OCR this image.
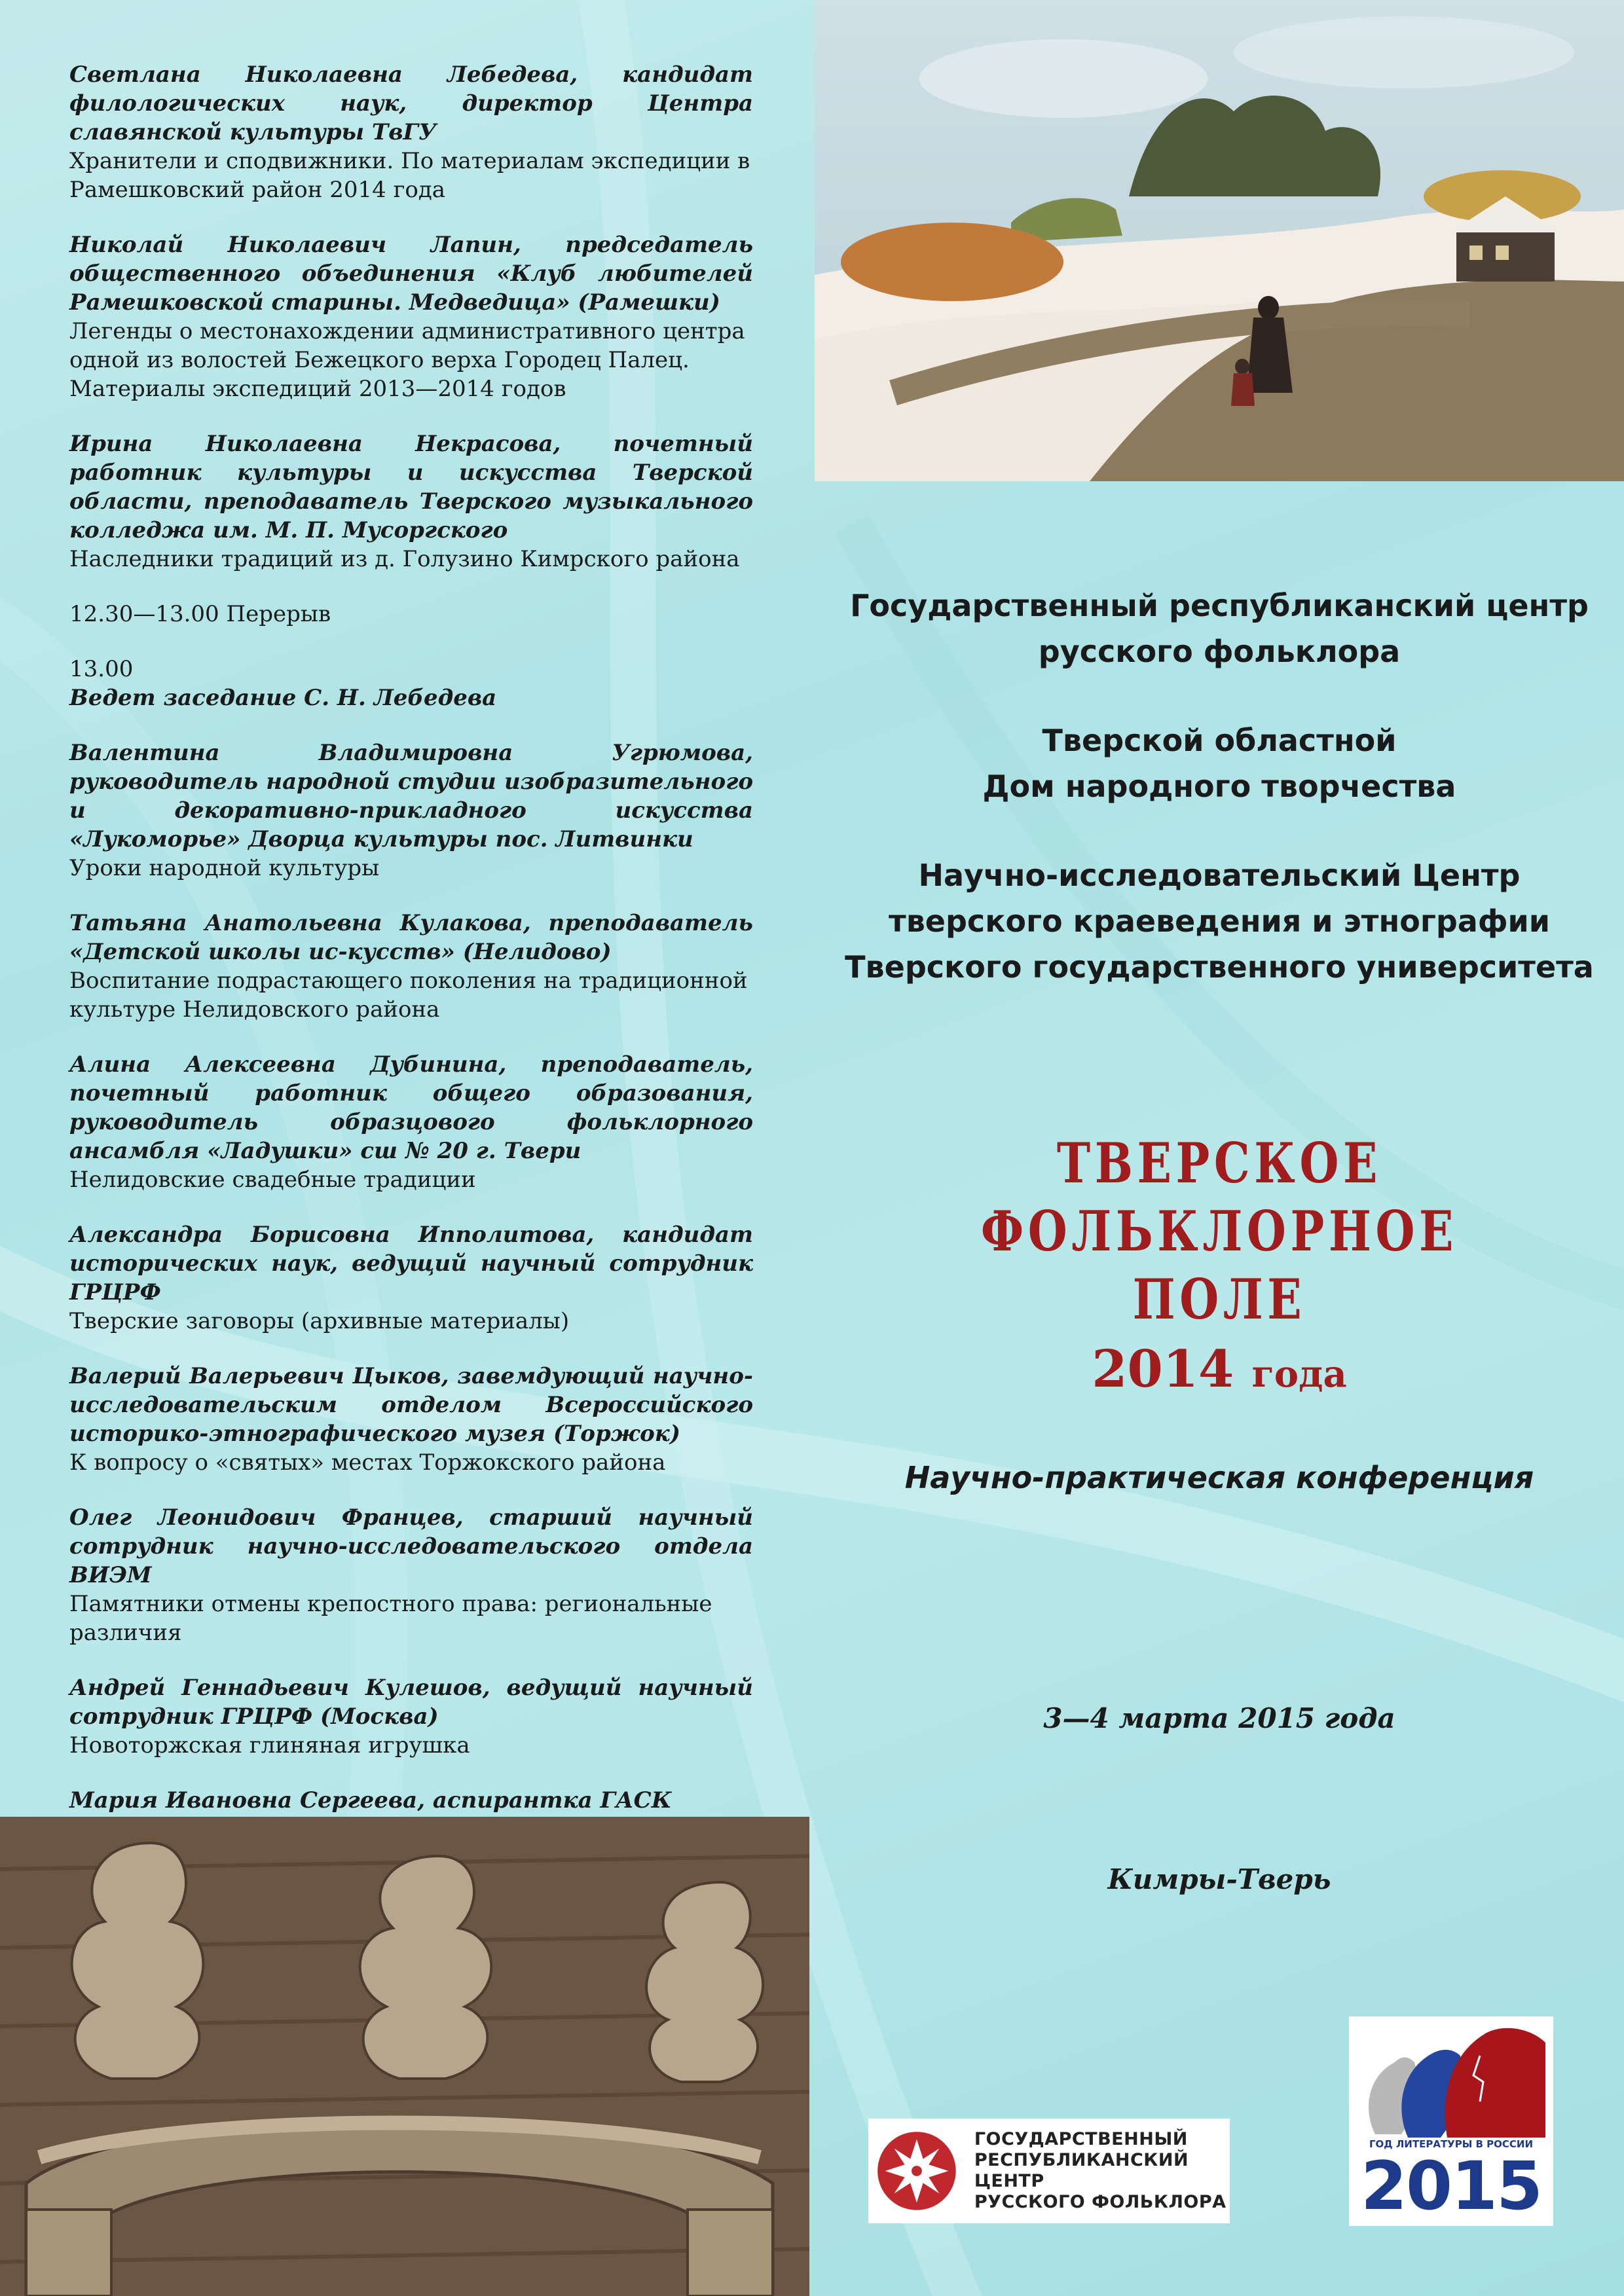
Светлана Николаевна Лебедева, кандидат филологических наук, директор Центра славянской культуры ТвГУ
Хранители и сподвижники. По материалам экспедиции в Рамешковский район 2014 года
Николай Николаевич Лапин, председатель общественного объединения «Клуб любителей Рамешковской старины. Медведица» (Рамешки)
Легенды о местонахождении административного центра одной из волостей Бежецкого верха Городец Палец. Материалы экспедиций 2013—2014 годов
Ирина Николаевна Некрасова, почетный работник культуры и искусства Тверской области, преподаватель Тверского музыкального колледжа им. М. П. Мусоргского
Наследники традиций из д. Голузино Кимрского района
12.30—13.00 Перерыв
13.00
Ведет заседание С. Н. Лебедева
Валентина Владимировна Угрюмова, руководитель народной студии изобразительного и декоративно-прикладного искусства «Лукоморье» Дворца культуры пос. Литвинки
Уроки народной культуры
Татьяна Анатольевна Кулакова, преподаватель «Детской школы ис-кусств» (Нелидово)
Воспитание подрастающего поколения на традиционной культуре Нелидовского района
Алина Алексеевна Дубинина, преподаватель, почетный работник общего образования, руководитель образцового фольклорного ансамбля «Ладушки» сш № 20 г. Твери
Нелидовские свадебные традиции
Александра Борисовна Ипполитова, кандидат исторических наук, ведущий научный сотрудник ГРЦРФ
Тверские заговоры (архивные материалы)
Валерий Валерьевич Цыков, завемдующий научно-исследовательским отделом Всероссийского историко-этнографического музея (Торжок)
К вопросу о «святых» местах Торжокского района
Олег Леонидович Францев, старший научный сотрудник научно-исследовательского отдела ВИЭМ
Памятники отмены крепостного права: региональные различия
Андрей Геннадьевич Кулешов, ведущий научный сотрудник ГРЦРФ (Москва)
Новоторжская глиняная игрушка
Мария Ивановна Сергеева, аспирантка ГАСК
Государственный республиканский центр
русского фольклора
Тверской областной
Дом народного творчества
Научно-исследовательский Центр
тверского краеведения и этнографии
Тверского государственного университета
ТВЕРСКОЕ
ФОЛЬКЛОРНОЕ ПОЛЕ
2014 года
Научно-практическая конференция
3—4 марта 2015 года
Кимры-Тверь
ГОСУДАРСТВЕННЫЙ
РЕСПУБЛИКАНСКИЙ ЦЕНТР
РУССКОГО ФОЛЬКЛОРА
ГОД ЛИТЕРАТУРЫ В РОССИИ
2015
